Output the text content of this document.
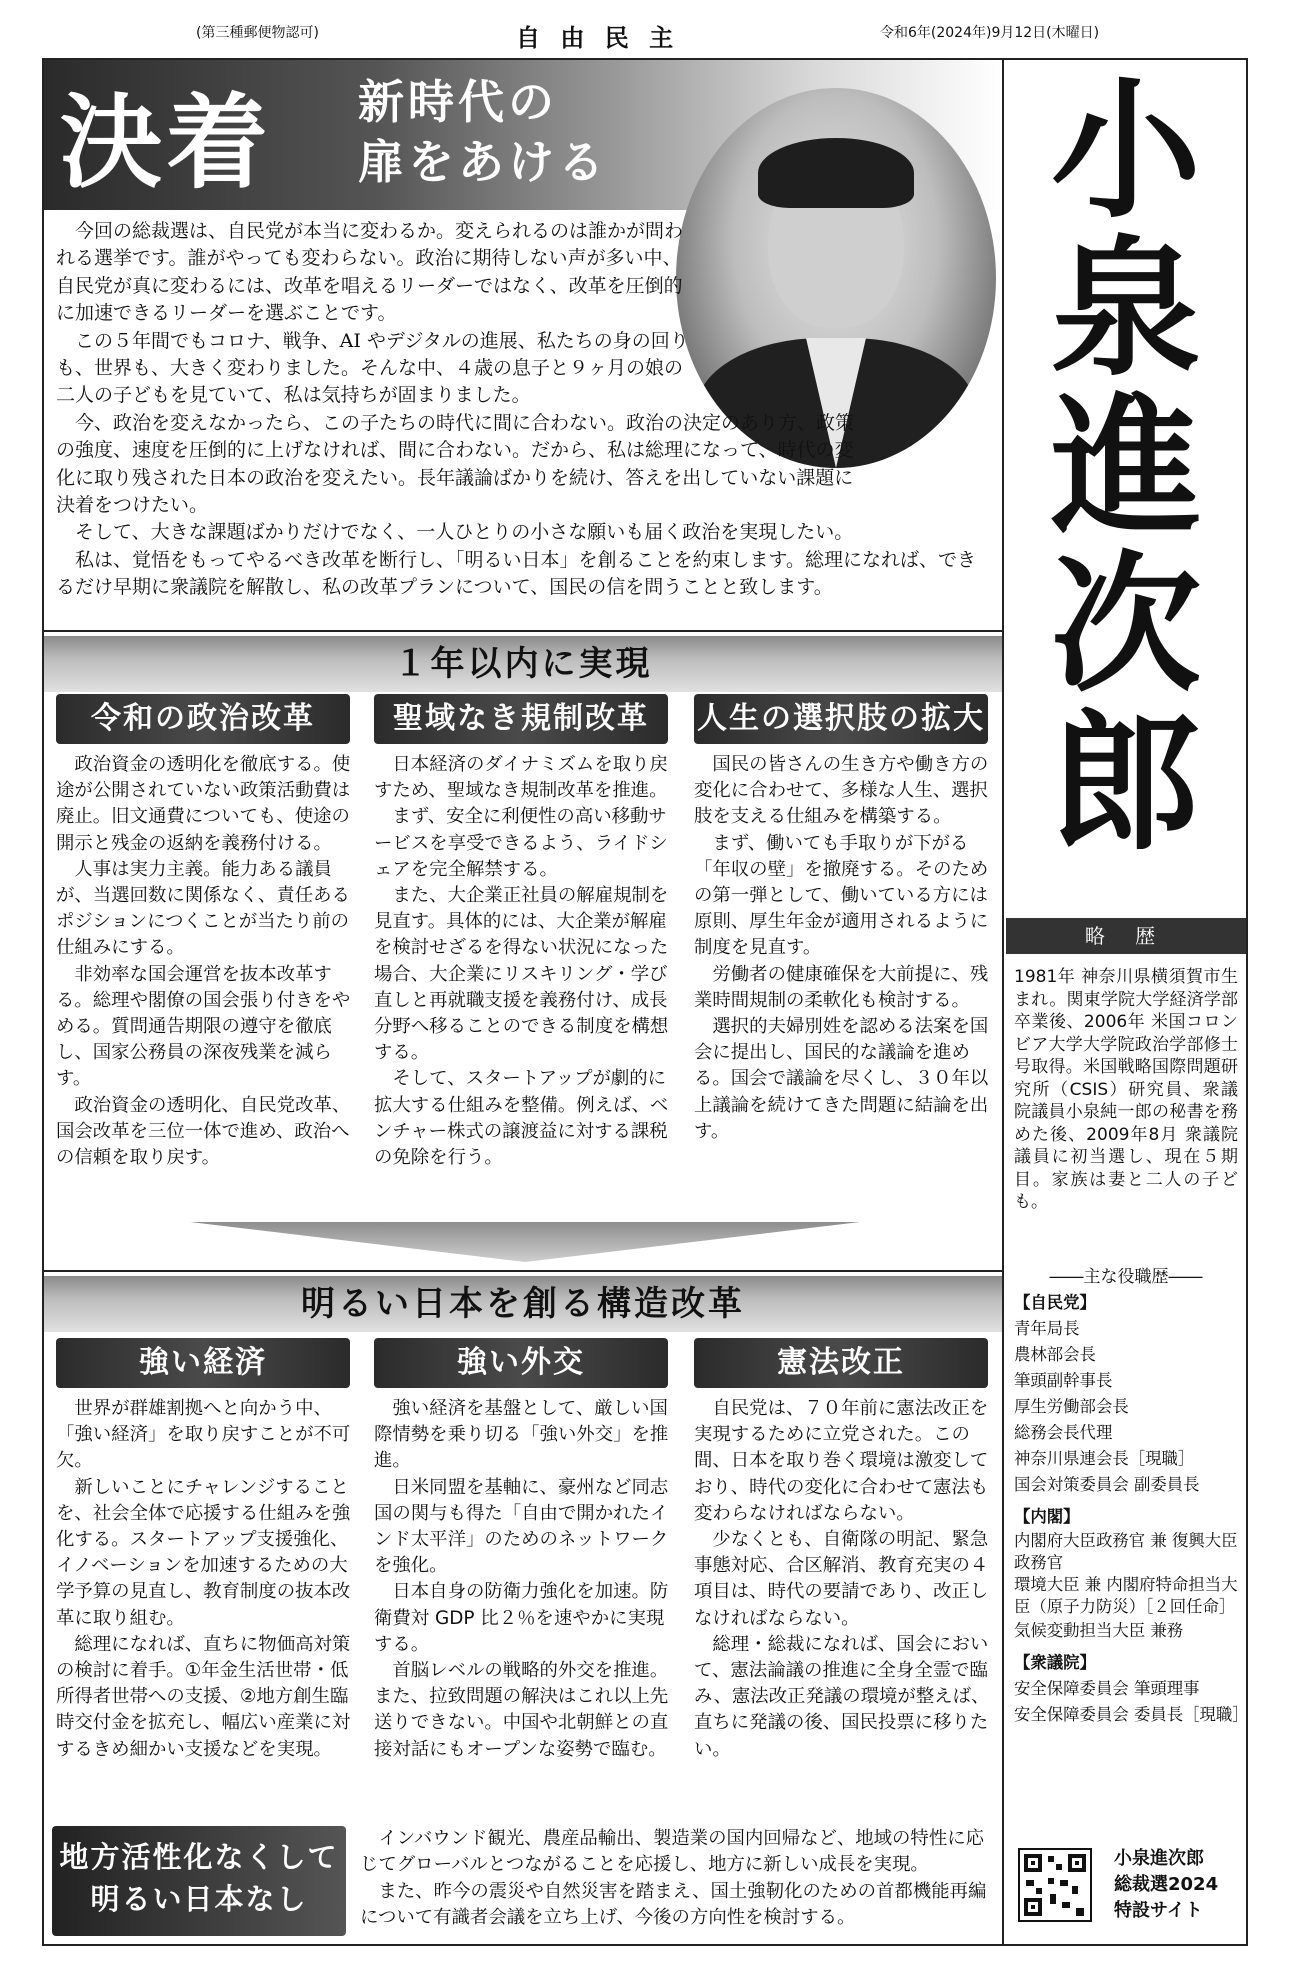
(第三種郵便物認可)	自 由 民 主	令和6年(2024年)9月12日(木曜日)
決着 新時代の
扉をあける

今回の総裁選は、自民党が本当に変わるか。変えられるのは誰かが問われる選挙です。誰がやっても変わらない。政治に期待しない声が多い中、自民党が真に変わるには、改革を唱えるリーダーではなく、改革を圧倒的に加速できるリーダーを選ぶことです。

この５年間でもコロナ、戦争、AI やデジタルの進展、私たちの身の回りも、世界も、大きく変わりました。そんな中、４歳の息子と９ヶ月の娘の二人の子どもを見ていて、私は気持ちが固まりました。

今、政治を変えなかったら、この子たちの時代に間に合わない。政治の決定のあり方、政策の強度、速度を圧倒的に上げなければ、間に合わない。だから、私は総理になって、時代の変化に取り残された日本の政治を変えたい。長年議論ばかりを続け、答えを出していない課題に決着をつけたい。

そして、大きな課題ばかりだけでなく、一人ひとりの小さな願いも届く政治を実現したい。

私は、覚悟をもってやるべき改革を断行し、「明るい日本」を創ることを約束します。総理になれば、できるだけ早期に衆議院を解散し、私の改革プランについて、国民の信を問うことと致します。

１年以内に実現
令和の政治改革	聖域なき規制改革	人生の選択肢の拡大

政治資金の透明化を徹底する。使途が公開されていない政策活動費は廃止。旧文通費についても、使途の開示と残金の返納を義務付ける。

人事は実力主義。能力ある議員が、当選回数に関係なく、責任あるポジションにつくことが当たり前の仕組みにする。

非効率な国会運営を抜本改革する。総理や閣僚の国会張り付きをやめる。質問通告期限の遵守を徹底し、国家公務員の深夜残業を減らす。

政治資金の透明化、自民党改革、国会改革を三位一体で進め、政治への信頼を取り戻す。

日本経済のダイナミズムを取り戻すため、聖域なき規制改革を推進。

まず、安全に利便性の高い移動サービスを享受できるよう、ライドシェアを完全解禁する。

また、大企業正社員の解雇規制を見直す。具体的には、大企業が解雇を検討せざるを得ない状況になった場合、大企業にリスキリング・学び直しと再就職支援を義務付け、成長分野へ移ることのできる制度を構想する。

そして、スタートアップが劇的に拡大する仕組みを整備。例えば、ベンチャー株式の譲渡益に対する課税の免除を行う。

国民の皆さんの生き方や働き方の変化に合わせて、多様な人生、選択肢を支える仕組みを構築する。

まず、働いても手取りが下がる「年収の壁」を撤廃する。そのための第一弾として、働いている方には原則、厚生年金が適用されるように制度を見直す。

労働者の健康確保を大前提に、残業時間規制の柔軟化も検討する。

選択的夫婦別姓を認める法案を国会に提出し、国民的な議論を進める。国会で議論を尽くし、３０年以上議論を続けてきた問題に結論を出す。

明るい日本を創る構造改革
強い経済	強い外交	憲法改正

世界が群雄割拠へと向かう中、「強い経済」を取り戻すことが不可欠。

新しいことにチャレンジすることを、社会全体で応援する仕組みを強化する。スタートアップ支援強化、イノベーションを加速するための大学予算の見直し、教育制度の抜本改革に取り組む。

総理になれば、直ちに物価高対策の検討に着手。①年金生活世帯・低所得者世帯への支援、②地方創生臨時交付金を拡充し、幅広い産業に対するきめ細かい支援などを実現。

強い経済を基盤として、厳しい国際情勢を乗り切る「強い外交」を推進。

日米同盟を基軸に、豪州など同志国の関与も得た「自由で開かれたインド太平洋」のためのネットワークを強化。

日本自身の防衛力強化を加速。防衛費対 GDP 比２％を速やかに実現する。

首脳レベルの戦略的外交を推進。また、拉致問題の解決はこれ以上先送りできない。中国や北朝鮮との直接対話にもオープンな姿勢で臨む。

自民党は、７０年前に憲法改正を実現するために立党された。この間、日本を取り巻く環境は激変しており、時代の変化に合わせて憲法も変わらなければならない。

少なくとも、自衛隊の明記、緊急事態対応、合区解消、教育充実の４項目は、時代の要請であり、改正しなければならない。

総理・総裁になれば、国会において、憲法論議の推進に全身全霊で臨み、憲法改正発議の環境が整えば、直ちに発議の後、国民投票に移りたい。

地方活性化なくして
明るい日本なし

インバウンド観光、農産品輸出、製造業の国内回帰など、地域の特性に応じてグローバルとつながることを応援し、地方に新しい成長を実現。

また、昨今の震災や自然災害を踏まえ、国土強靭化のための首都機能再編について有識者会議を立ち上げ、今後の方向性を検討する。

小
泉
進
次
郎
略 歴
1981年 神奈川県横須賀市生まれ。関東学院大学経済学部卒業後、2006年 米国コロンビア大学大学院政治学部修士号取得。米国戦略国際問題研究所（CSIS）研究員、衆議院議員小泉純一郎の秘書を務めた後、2009年8月 衆議院議員に初当選し、現在５期目。家族は妻と二人の子ども。
――主な役職歴――
【自民党】
青年局長
農林部会長
筆頭副幹事長
厚生労働部会長
総務会長代理
神奈川県連会長［現職］
国会対策委員会 副委員長
【内閣】
内閣府大臣政務官 兼 復興大臣政務官
環境大臣 兼 内閣府特命担当大臣（原子力防災）［２回任命］
気候変動担当大臣 兼務
【衆議院】
安全保障委員会 筆頭理事
安全保障委員会 委員長［現職］
小泉進次郎
総裁選2024
特設サイト
